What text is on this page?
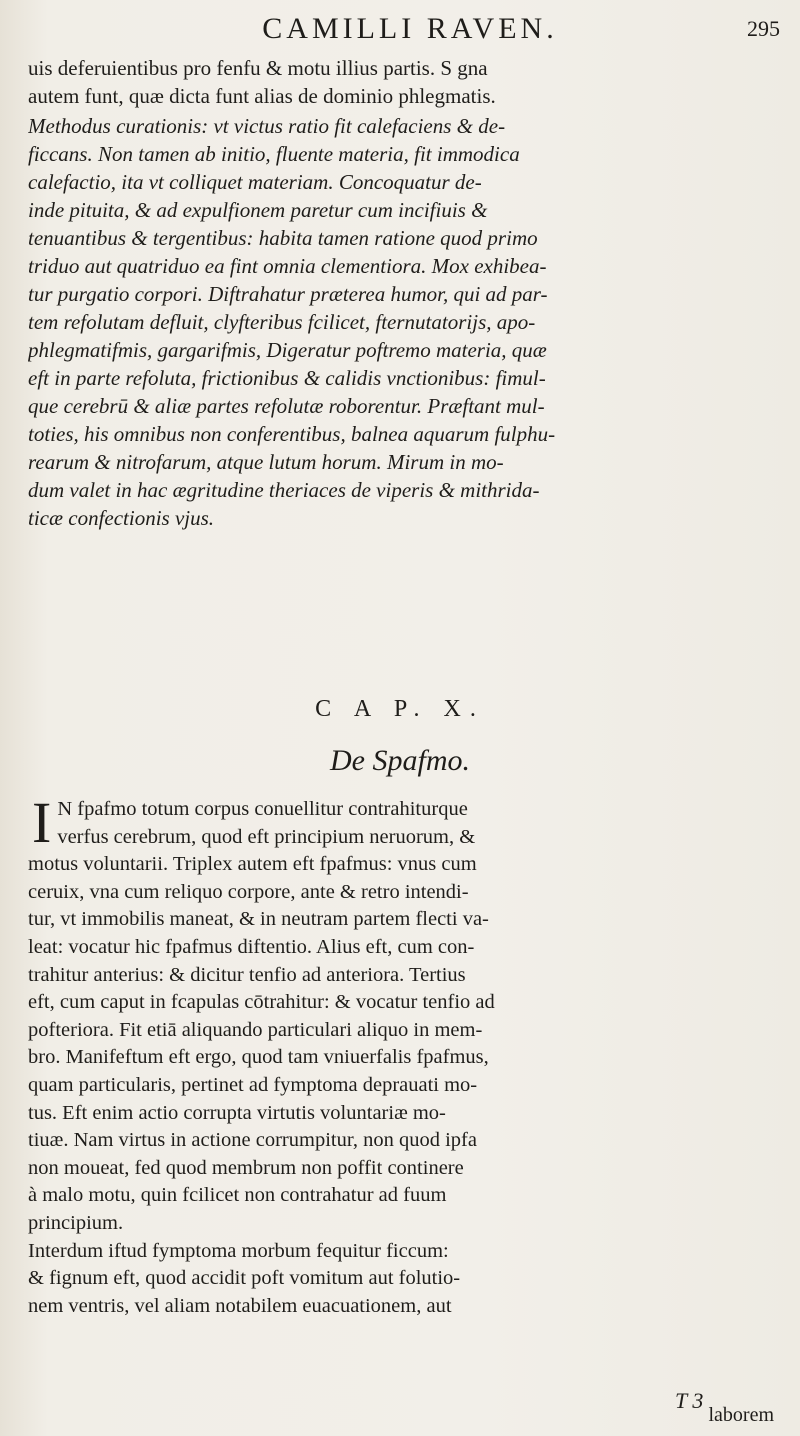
CAMILLI RAVEN.	295
uis deferuientibus pro fenfu & motu illius partis. S gna
autem funt, quæ dicta funt alias de dominio phlegmatis.
Methodus curationis: vt victus ratio fit calefaciens & de-
ficcans. Non tamen ab initio, fluente materia, fit immodica
calefactio, ita vt colliquet materiam. Concoquatur de-
inde pituita, & ad expulfionem paretur cum incifiuis &
tenuantibus & tergentibus: habita tamen ratione quod primo
triduo aut quatriduo ea fint omnia clementiora. Mox exhibea-
tur purgatio corpori. Diftrahatur præterea humor, qui ad par-
tem refolutam defluit, clyfteribus fcilicet, fternutatorijs, apo-
phlegmatifmis, gargarifmis, Digeratur poftremo materia, quæ
eft in parte refoluta, frictionibus & calidis vnctionibus: fimul-
que cerebrū & aliæ partes refolutæ roborentur. Præftant mul-
toties, his omnibus non conferentibus, balnea aquarum fulphu-
rearum & nitrofarum, atque lutum horum. Mirum in mo-
dum valet in hac ægritudine theriaces de viperis & mithrida-
ticæ confectionis vjus.
C A P. X.
De Spafmo.
I N fpafmo totum corpus conuellitur contrahiturque
verfus cerebrum, quod eft principium neruorum, &
motus voluntarii. Triplex autem eft fpafmus: vnus cum
ceruix, vna cum reliquo corpore, ante & retro intendi-
tur, vt immobilis maneat, & in neutram partem flecti va-
leat: vocatur hic fpafmus diftentio. Alius eft, cum con-
trahitur anterius: & dicitur tenfio ad anteriora. Tertius
eft, cum caput in fcapulas cōtrahitur: & vocatur tenfio ad
pofteriora. Fit etiā aliquando particulari aliquo in mem-
bro. Manifeftum eft ergo, quod tam vniuerfalis fpafmus,
quam particularis, pertinet ad fymptoma deprauati mo-
tus. Eft enim actio corrupta virtutis voluntariæ mo-
tiuæ. Nam virtus in actione corrumpitur, non quod ipfa
non moueat, fed quod membrum non poffit continere
à malo motu, quin fcilicet non contrahatur ad fuum
principium.
Interdum iftud fymptoma morbum fequitur ficcum:
& fignum eft, quod accidit poft vomitum aut folutio-
nem ventris, vel aliam notabilem euacuationem, aut
T 3
laborem
